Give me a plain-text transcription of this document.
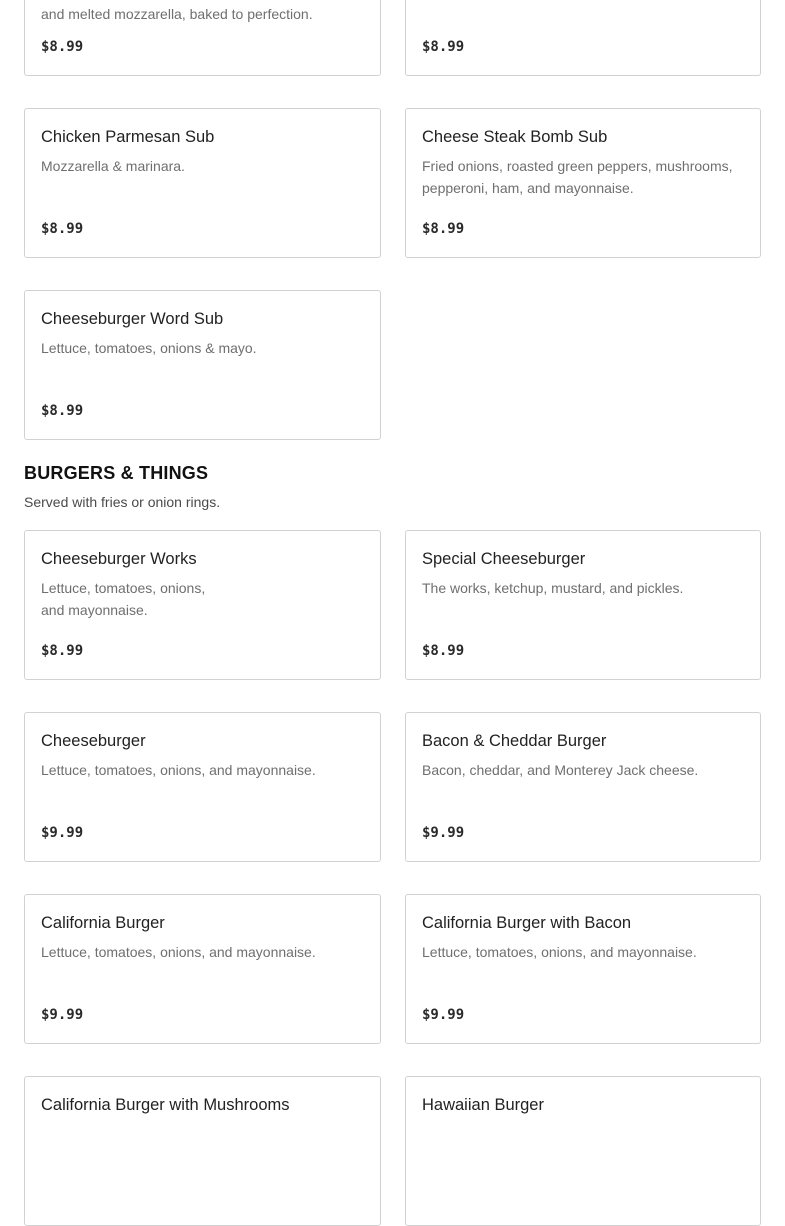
and melted mozzarella, baked to perfection.
$8.99	$8.99
Chicken Parmesan Sub
Mozzarella & marinara.
$8.99
Cheese Steak Bomb Sub
Fried onions, roasted green peppers, mushrooms, pepperoni, ham, and mayonnaise.
$8.99
Cheeseburger Word Sub
Lettuce, tomatoes, onions & mayo.
$8.99
BURGERS & THINGS

Served with fries or onion rings.

Cheeseburger Works
Lettuce, tomatoes, onions,
and mayonnaise.
$8.99
Special Cheeseburger
The works, ketchup, mustard, and pickles.
$8.99
Cheeseburger
Lettuce, tomatoes, onions, and mayonnaise.
$9.99
Bacon & Cheddar Burger
Bacon, cheddar, and Monterey Jack cheese.
$9.99
California Burger
Lettuce, tomatoes, onions, and mayonnaise.
$9.99
California Burger with Bacon
Lettuce, tomatoes, onions, and mayonnaise.
$9.99
California Burger with Mushrooms	Hawaiian Burger
